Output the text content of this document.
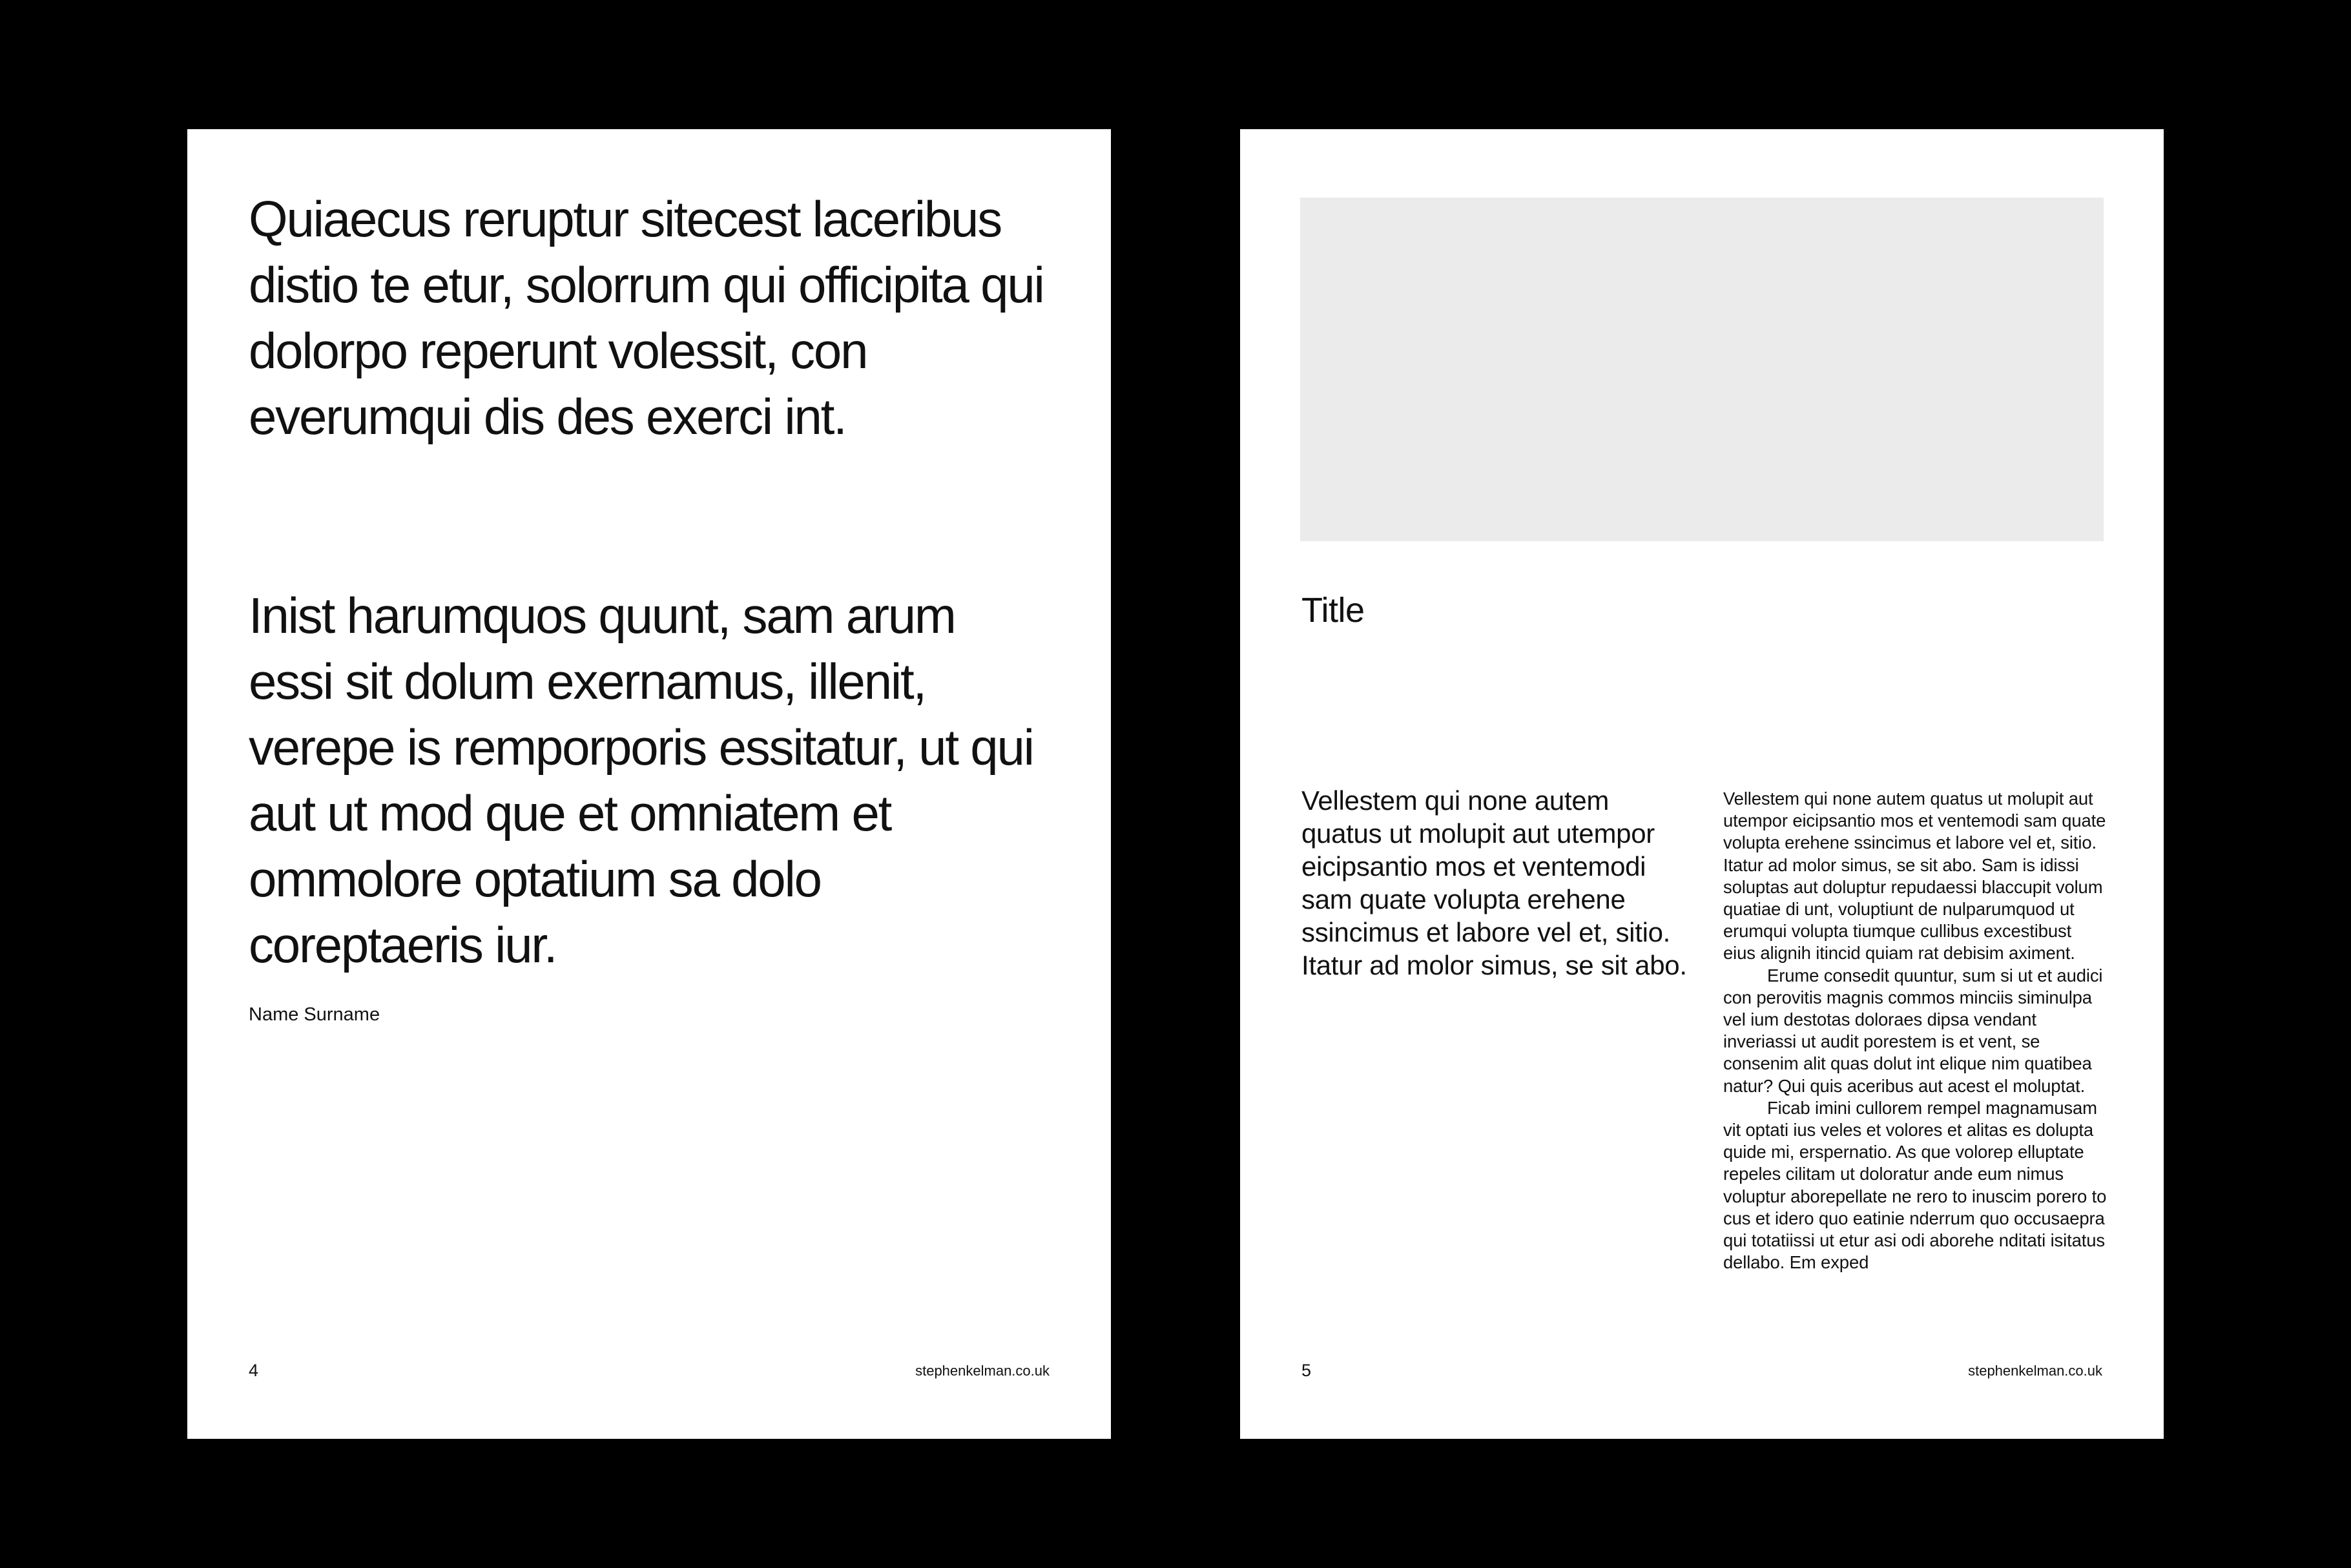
Quiaecus reruptur sitecest laceribus distio te etur, solorrum qui officipita qui dolorpo reperunt volessit, con everumqui dis des exerci int.

Inist harumquos quunt, sam arum essi sit dolum exernamus, illenit, verepe is remporporis essitatur, ut qui aut ut mod que et omniatem et ommolore optatium sa dolo coreptaeris iur.

Name Surname
4	stephenkelman.co.uk
Title

Vellestem qui none autem quatus ut molupit aut utempor eicipsantio mos et ventemodi sam quate volupta erehene ssincimus et labore vel et, sitio. Itatur ad molor simus, se sit abo.

Vellestem qui none autem quatus ut molupit aut utempor eicipsantio mos et ventemodi sam quate volupta erehene ssincimus et labore vel et, sitio. Itatur ad molor simus, se sit abo. Sam is idissi soluptas aut doluptur repudaessi blaccupit volum quatiae di unt, voluptiunt de nulparumquod ut erumqui volupta tiumque cullibus excestibust eius alignih itincid quiam rat debisim aximent.

Erume consedit quuntur, sum si ut et audici con perovitis magnis commos minciis siminulpa vel ium destotas doloraes dipsa vendant inveriassi ut audit porestem is et vent, se consenim alit quas dolut int elique nim quatibea natur? Qui quis aceribus aut acest el moluptat.

Ficab imini cullorem rempel magnamusam vit optati ius veles et volores et alitas es dolupta quide mi, erspernatio. As que volorep elluptate repeles cilitam ut doloratur ande eum nimus voluptur aborepellate ne rero to inuscim porero to cus et idero quo eatinie nderrum quo occusaepra qui totatiissi ut etur asi odi aborehe nditati isitatus dellabo. Em exped

5	stephenkelman.co.uk
